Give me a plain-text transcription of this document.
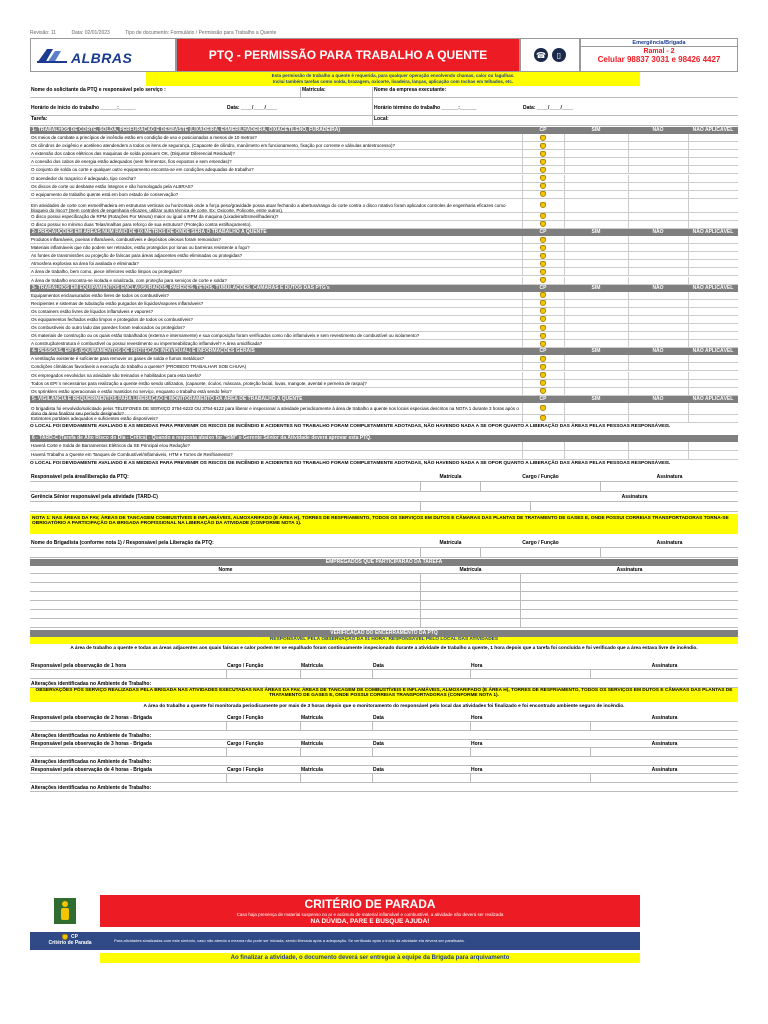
Revisão: 11	Data: 02/01/2023	Tipo de documento: Formulário / Permissão para Trabalho a Quente
ALBRAS	PTQ - PERMISSÃO PARA TRABALHO A QUENTE	☎	▯
Emergência/Brigada
Ramal - 2
Celular 98837 3031 e 98426 4427
Esta permissão de trabalho a quente é requerida, para qualquer operação envolvendo chamas, calor ou fagulhas.
Inclui também tarefas como solda, brazagem, oxicorte, lixadeira, lanças, aplicação com tochas em telhados, etc.
Nome do solicitante da PTQ e responsável pelo serviço :	Matrícula:	Nome da empresa executante:
Horário de início do trabalho ______:______	Data: ____/____/____	Horário término do trabalho ______:______	Data: ____/____/____
Tarefa:	Local:
1- TRABALHOS DE CORTE, SOLDA, PERFURAÇÃO E DESBASTE (LIXADEIRA, ESMERILHADEIRA, OXIACETILENO, FURADEIRA)	CP	SIM	NÃO	NÃO APLICÁVEL
Os meios de combate a princípios de incêndio estão em condição de uso e posicionados a menos de 10 metros?
Os cilindros de oxigênio e acetileno atendendem a todos os itens de segurança, (Capacete de cilindro, manômetro em funcionamento, fixação por corrente e válvulas antiretrocesso)?
A extensão dos cabos elétricos das maquinas de solda possuem OK, (Disjuntor Diferencial Residual)?
A conexão dos cabos de energia estão adequados (sem ferimentos, fios expostos e sem emendas)?
O conjunto de solda ou corte e qualquer outro equipamento encontra-se em condições adequadas de trabalho?
O acendedor do maçarico é adequado, tipo concha?
Os discos de corte ou desbaste estão íntegros e são homologado pela ALBRAS?
O equipamento de trabalho quente está em bom estado de conservação?
Em atividades de corte com esmerilhadeira em estruturas verticais ou horizontais onde a força peso/gravidade possa atuar fechando a abertura/rasgo do corte contra o disco rotativo foram aplicados controles de engenharia eficazes como bloqueio do risco? (Sem controles de engenharia eficazes, utilizar outra técnica de corte. Ex: Oxicorte, Policorte, entre outros).
O disco possui especificação de RPM (Rotações Por Minuto) maior ou igual o RPM da maquina (Lixadeira/Esmerilhadeira)?
O disco possui no mínimo duas Telas/malhas para reforço de sua estrutura? (Proteção contra estilhaçamento).
2- PRECAUÇÕES EM ÁREAS NUM RAIO DE 10 METROS DE ONDE SERÁ O TRABALHO A QUENTE	CP	SIM	NÃO	NÃO APLICÁVEL
Produtos inflamáveis, poeiras inflamáveis, combustíveis e depósitos oleosos foram removidos?
Materiais inflamáveis que não podem ser retirados, estão protegidos por lonas ou barreiras resistente a fogo?
As fontes de transmissões ou projeção de faíscas para áreas adjacentes estão eliminadas ou protegidas?
Atmosfera explosiva na área foi avaliada e eliminada?
A área de trabalho, bem como, piece inferiores estão limpos ou protegidos?
A área de trabalho encontra-se isolada e sinalizada, com proteção para serviços de corte e solda?
3- TRABALHOS EM EQUIPAMENTOS ENCLAUSURADOS, PAREDES, TETOS, TUBULAÇÕES, CÂMARAS E DUTOS DAS PTG's	CP	SIM	NÃO	NÃO APLICÁVEL
Equipamentos enclausurados estão livres de todos os combustíveis?
Recipientes e sistemas de tubulação estão purgados de líquidos/vapores inflamáveis?
Os containers estão livres de líquidos inflamáveis e vapores?
Os equipamentos fechados estão limpos e protegidos de todos os combustíveis?
Os combustíveis do outro lado das paredes foram realocados ou protegidos?
Os materiais de construção ou os quais estão trabalhados (externa e internamente) e sua composição foram verificados como não inflamáveis e sem revestimento de combustível ou isolamento?
A construção/estrutura é combustível ou possui revestimento ou impermeabilização inflamável? A área umidificada?
4- PESSOAS, EPI´S (EQUIPAMENTOS DE PROTEÇÃO INDIVIDUAL) E INFORMAÇÕES GERAIS	CP	SIM	NÃO	NÃO APLICÁVEL
A ventilação existente é suficiente para remover os gases de solda e fumos metálicos?
Condições climáticas favoráveis a execução do trabalho a quente? (PROIBIDO TRABALHAR SOB CHUVA)
Os empregados envolvidos na atividade são treinados e habilitados para esta tarefa?
Todos os EPI´s necessários para realização a quente estão sendo utilizados, (capacete, óculos, máscara, proteção facial, luvas, mangote, avental e perneira de raspa)?
Os sprinklers estão operacionais e estão mantidos no serviço, enquanto o trabalho está sendo feito?
5- VIGILÂNCIA E REQUERIMENTOS PARA LIBERAÇÃO E MONITORAMENTO DA ÁREA DE TRABALHO A QUENTE	CP	SIM	NÃO	NÃO APLICÁVEL
O brigadista foi envolvido/solicitado pelos TELEFONES DE SERVIÇO 3754-6222 OU 3754-6122 para liberar e inspecionar a atividade periodicamente à área de trabalho a quente nos locais especiais descritos na NOTA 1 durante 3 horas após o dono da área finalizar seu período designado?
Extintores portáteis adequados e suficientes estão disponíveis?
O LOCAL FOI DEVIDAMENTE AVALIADO E AS MEDIDAS PARA PREVENIR OS RISCOS DE INCÊNDIO E ACIDENTES NO TRABALHO FORAM COMPLETAMENTE ADOTADAS, NÃO HAVENDO NADA A SE OPOR QUANTO A LIBERAÇÃO DAS ÁREAS PELAS PESSOAS RESPONSÁVEIS.
6 - TARD-C (Tarefa de Alto Risco do Dia - Crítica) - Quando a resposta abaixo for "SIM" o Gerente Sênior da Atividade deverá aprovar esta PTQ.
Haverá Corte e Solda de Barramentos Elétricos da SE Principal e/ou Redução?
Haverá Trabalho a Quente em Tanques de Combustível/Inflamáveis, HTM e Torres de Resfriamento?
O LOCAL FOI DEVIDAMENTE AVALIADO E AS MEDIDAS PARA PREVENIR OS RISCOS DE INCÊNDIO E ACIDENTES NO TRABALHO FORAM COMPLETAMENTE ADOTADAS, NÃO HAVENDO NADA A SE OPOR QUANTO A LIBERAÇÃO DAS ÁREAS PELAS PESSOAS RESPONSÁVEIS.
Responsável pela área/liberação da PTQ:	Matrícula	Cargo / Função	Assinatura
Gerência Sênior responsável pela atividade (TARD-C)	Assinatura
NOTA 1: NAS ÁREAS DA FAV, ÁREAS DE TANCAGEM COMBUSTÍVEIS E INFLAMÁVEIS, ALMOXARIFADO (E ÁREA H), TORRES DE RESFRIAMENTO, TODOS OS SERVIÇOS EM DUTOS E CÂMARAS DAS PLANTAS DE TRATAMENTO DE GASES E, ONDE POSSUI CORREIAS TRANSPORTADORAS TORNA-SE OBRIGATÓRIO A PARTICIPAÇÃO DA BRIGADA PROFISSIONAL NA LIBERAÇÃO DA ATIVIDADE (CONFORME NOTA 1).
Nome do Brigadista (conforme nota 1) / Responsável pela Liberação da PTQ:	Matrícula	Cargo / Função	Assinatura
EMPREGADOS QUE PARTICIPARÃO DA TAREFA
Nome	Matrícula	Assinatura
VERIFICAÇÃO DO ENCERRAMENTO DA PTQ
RESPONSÁVEL PELA OBSERVAÇÃO DA 01 HORA: RESPONSÁVEL PELO LOCAL DAS ATIVIDADES
A área de trabalho a quente e todas as áreas adjacentes aos quais faíscas e calor podem ter se espalhado foram continuamente inspecionado durante a atividade de trabalho a quente, 1 hora depois que a tarefa foi concluída e foi verificado que a área estava livre de incêndio.
Responsável pela observação de 1 hora	Cargo / Função	Matrícula	Data	Hora	Assinatura
Alterações identificadas no Ambiente de Trabalho:
OBSERVAÇÕES PÓS SERVIÇO REALIZADAS PELA BRIGADA NAS ATIVIDADES EXECUTADAS NAS ÁREAS DA FAV, ÁREAS DE TANCAGEM DE COMBUSTÍVEIS E INFLAMÁVEIS, ALMOXARIFADO (E ÁREA H), TORRES DE RESFRIAMENTO, TODOS OS SERVIÇOS EM DUTOS E CÂMARAS DAS PLANTAS DE TRATAMENTO DE GASES E, ONDE POSSUI CORREIAS TRANSPORTADORAS (CONFORME NOTA 1).
A área do trabalho a quente foi monitorada periodicamente por mais de 3 horas depois que o monitoramento do responsável pelo local das atividades foi finalizado e foi encontrado ambiente seguro de incêndio.
Responsável pela observação de 2 horas - Brigada	Cargo / Função	Matrícula	Data	Hora	Assinatura
Alterações identificadas no Ambiente de Trabalho:
Responsável pela observação de 3 horas - Brigada	Cargo / Função	Matrícula	Data	Hora	Assinatura
Alterações identificadas no Ambiente de Trabalho:
Responsável pela observação de 4 horas - Brigada	Cargo / Função	Matrícula	Data	Hora	Assinatura
Alterações identificadas no Ambiente de Trabalho:
CRITÉRIO DE PARADA
Caso haja presença de material suspenso no ar e acúmulo de material inflamável e combustível, a atividade não deverá ser realizada
NA DÚVIDA, PARE E BUSQUE AJUDA!
CP
Critério de Parada	Para atividades sinalizadas com este símbolo, caso não atenda a mesma não pode ser iniciada, sendo liberada após a adequação. Se verificado após o início da atividade ela deverá ser paralisada.
Ao finalizar a atividade, o documento deverá ser entregue à equipe da Brigada para arquivamento
